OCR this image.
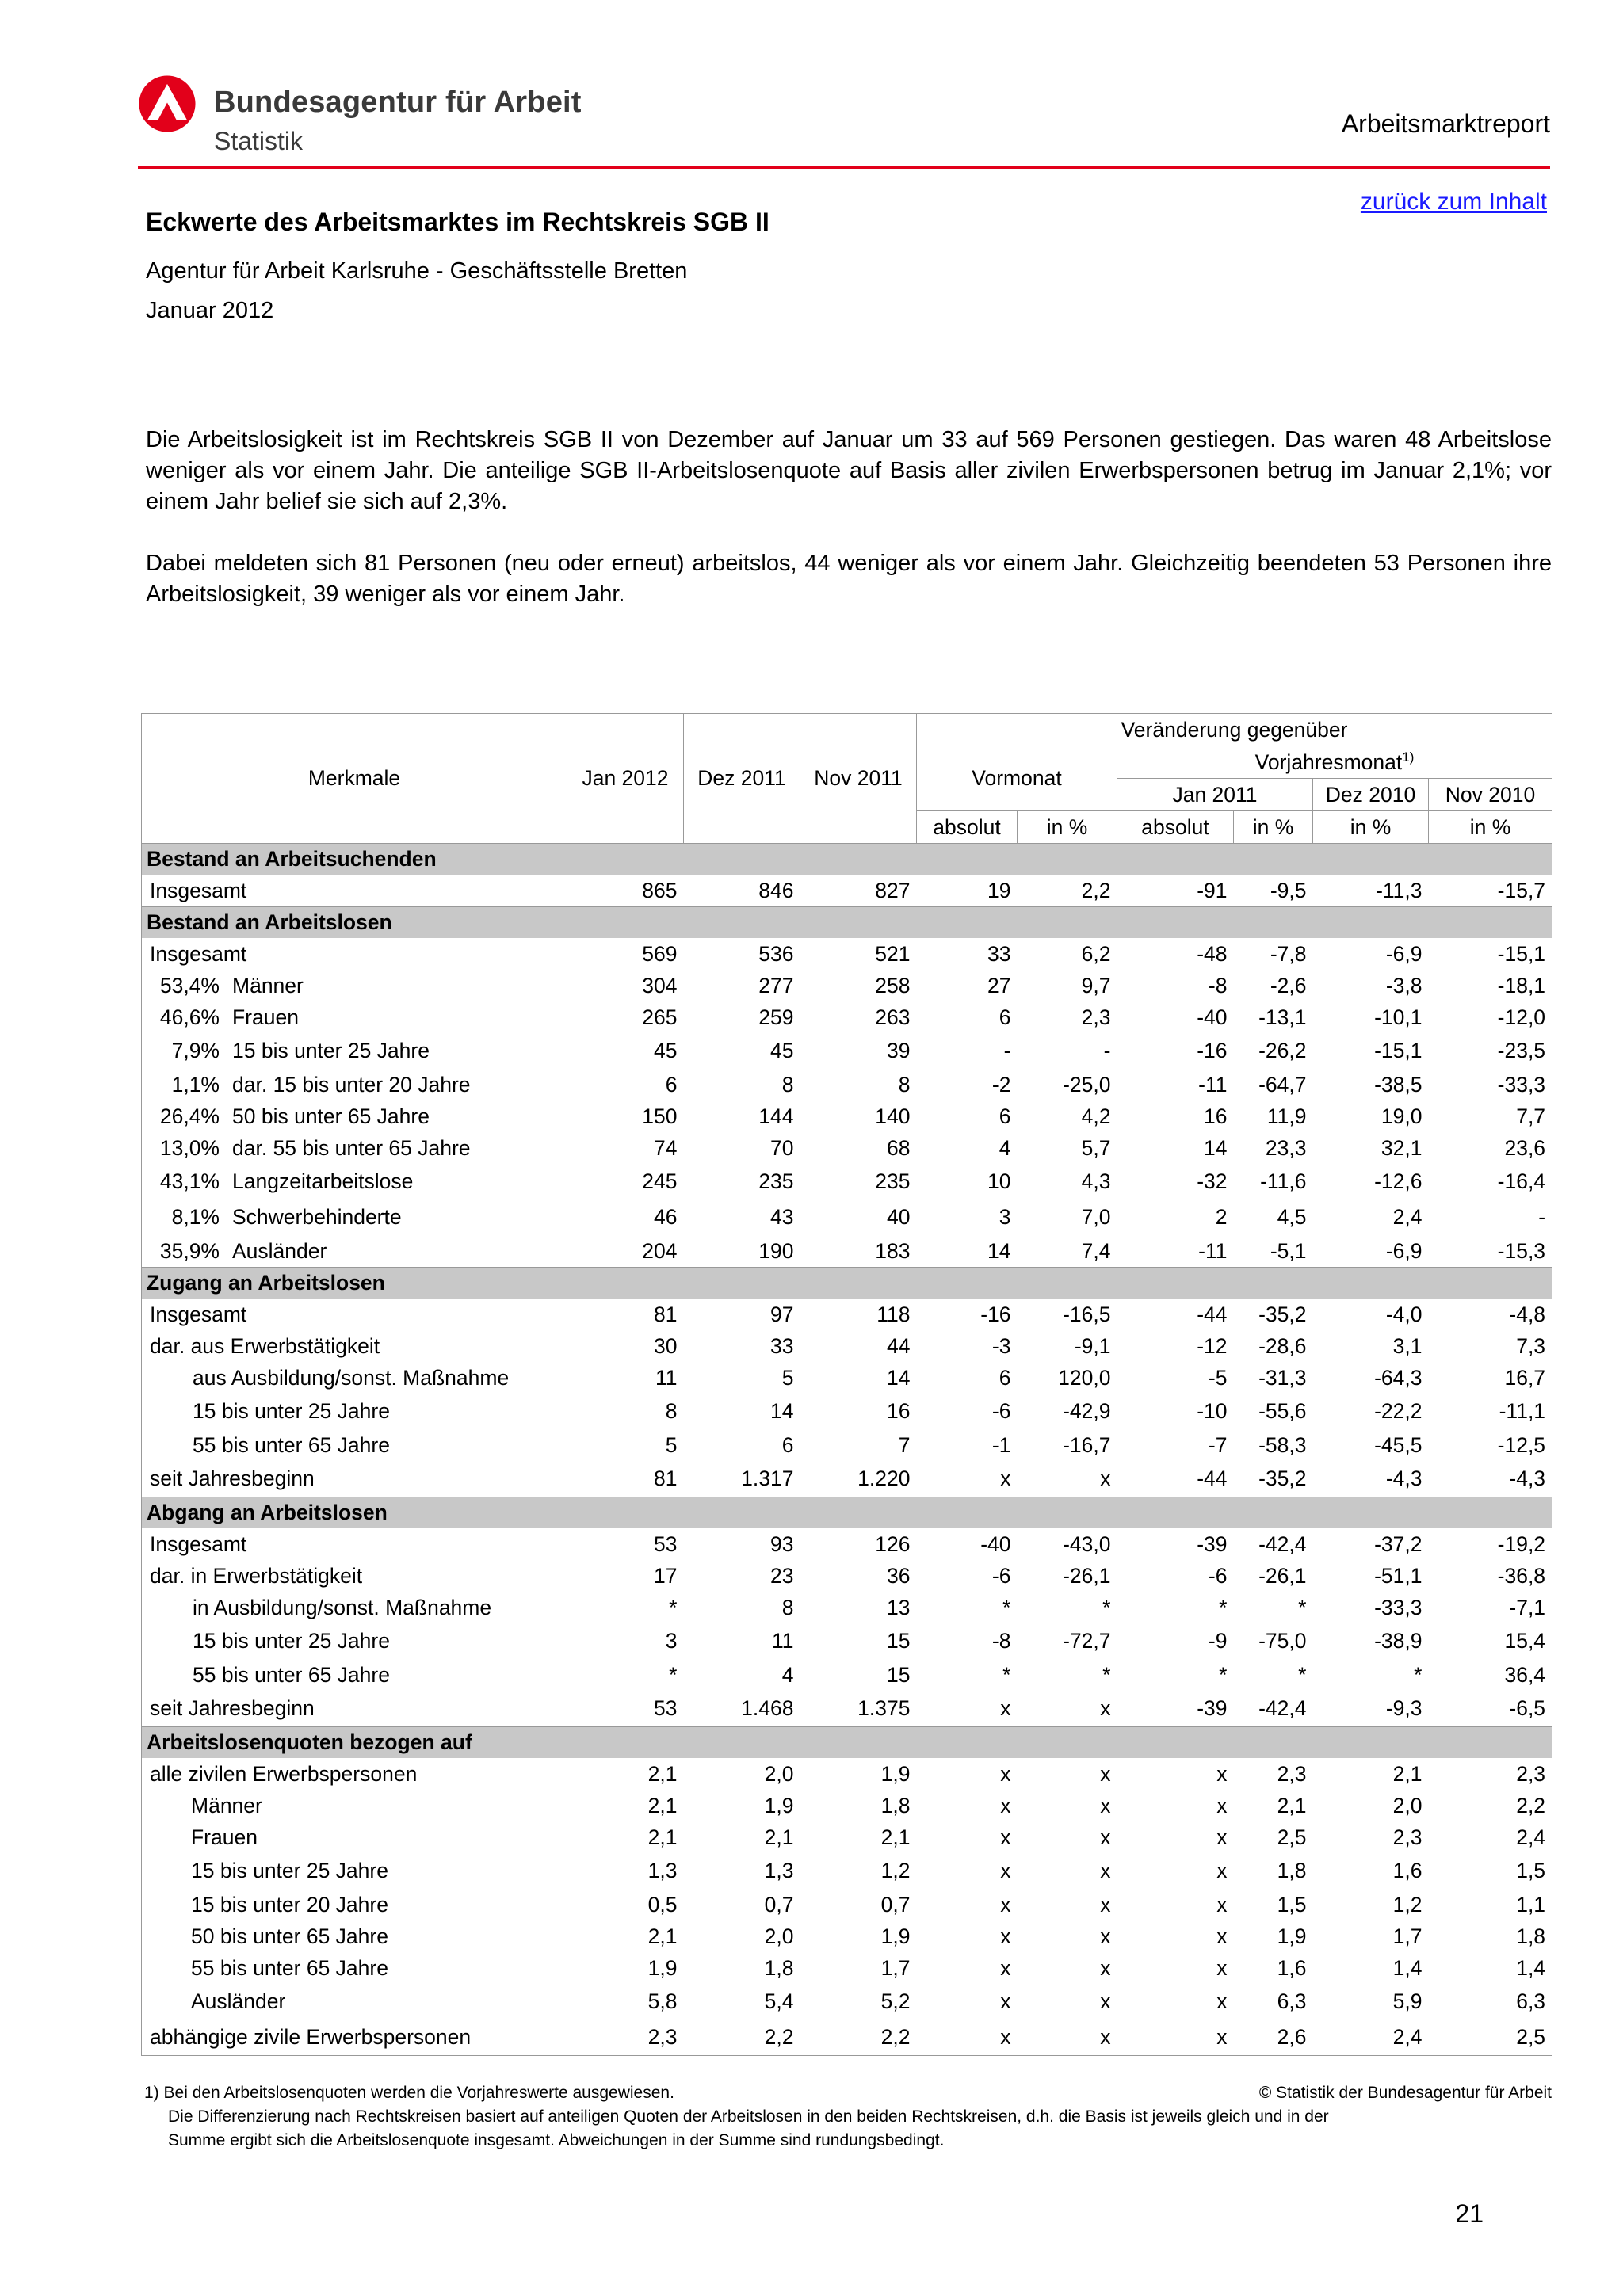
Bundesagentur für Arbeit
Statistik
Arbeitsmarktreport
zurück zum Inhalt
Eckwerte des Arbeitsmarktes im Rechtskreis SGB II
Agentur für Arbeit Karlsruhe - Geschäftsstelle Bretten
Januar 2012
Die Arbeitslosigkeit ist im Rechtskreis SGB II von Dezember auf Januar um 33 auf 569 Personen gestiegen. Das waren 48 Arbeitslose weniger als vor einem Jahr. Die anteilige SGB II-Arbeitslosenquote auf Basis aller zivilen Erwerbspersonen betrug im Januar 2,1%; vor einem Jahr belief sie sich auf 2,3%.
Dabei meldeten sich 81 Personen (neu oder erneut) arbeitslos, 44 weniger als vor einem Jahr. Gleichzeitig beendeten 53 Personen ihre Arbeitslosigkeit, 39 weniger als vor einem Jahr.
Merkmale	Jan 2012	Dez 2011	Nov 2011	Veränderung gegenüber					
				Vormonat		Vorjahresmonat$^{1)}$
						Jan 2011		Dez 2010	Nov 2010
				absolut	in %	absolut	in %	in %	in %
Bestand an Arbeitsuchenden									
Insgesamt	865	846	827	19	2,2	-91	-9,5	-11,3	-15,7
Bestand an Arbeitslosen									
Insgesamt	569	536	521	33	6,2	-48	-7,8	-6,9	-15,1
53,4% Männer	304	277	258	27	9,7	-8	-2,6	-3,8	-18,1
46,6% Frauen	265	259	263	6	2,3	-40	-13,1	-10,1	-12,0
7,9% 15 bis unter 25 Jahre	45	45	39	-	-	-16	-26,2	-15,1	-23,5
1,1% dar. 15 bis unter 20 Jahre	6	8	8	-2	-25,0	-11	-64,7	-38,5	-33,3
26,4% 50 bis unter 65 Jahre	150	144	140	6	4,2	16	11,9	19,0	7,7
13,0% dar. 55 bis unter 65 Jahre	74	70	68	4	5,7	14	23,3	32,1	23,6
43,1% Langzeitarbeitslose	245	235	235	10	4,3	-32	-11,6	-12,6	-16,4
8,1% Schwerbehinderte	46	43	40	3	7,0	2	4,5	2,4	-
35,9% Ausländer	204	190	183	14	7,4	-11	-5,1	-6,9	-15,3
Zugang an Arbeitslosen									
Insgesamt	81	97	118	-16	-16,5	-44	-35,2	-4,0	-4,8
dar. aus Erwerbstätigkeit	30	33	44	-3	-9,1	-12	-28,6	3,1	7,3
aus Ausbildung/sonst. Maßnahme	11	5	14	6	120,0	-5	-31,3	-64,3	16,7
15 bis unter 25 Jahre	8	14	16	-6	-42,9	-10	-55,6	-22,2	-11,1
55 bis unter 65 Jahre	5	6	7	-1	-16,7	-7	-58,3	-45,5	-12,5
seit Jahresbeginn	81	1.317	1.220	x	x	-44	-35,2	-4,3	-4,3
Abgang an Arbeitslosen									
Insgesamt	53	93	126	-40	-43,0	-39	-42,4	-37,2	-19,2
dar. in Erwerbstätigkeit	17	23	36	-6	-26,1	-6	-26,1	-51,1	-36,8
in Ausbildung/sonst. Maßnahme	*	8	13	*	*	*	*	-33,3	-7,1
15 bis unter 25 Jahre	3	11	15	-8	-72,7	-9	-75,0	-38,9	15,4
55 bis unter 65 Jahre	*	4	15	*	*	*	*	*	36,4
seit Jahresbeginn	53	1.468	1.375	x	x	-39	-42,4	-9,3	-6,5
Arbeitslosenquoten bezogen auf									
alle zivilen Erwerbspersonen	2,1	2,0	1,9	x	x	x	2,3	2,1	2,3
Männer	2,1	1,9	1,8	x	x	x	2,1	2,0	2,2
Frauen	2,1	2,1	2,1	x	x	x	2,5	2,3	2,4
15 bis unter 25 Jahre	1,3	1,3	1,2	x	x	x	1,8	1,6	1,5
15 bis unter 20 Jahre	0,5	0,7	0,7	x	x	x	1,5	1,2	1,1
50 bis unter 65 Jahre	2,1	2,0	1,9	x	x	x	1,9	1,7	1,8
55 bis unter 65 Jahre	1,9	1,8	1,7	x	x	x	1,6	1,4	1,4
Ausländer	5,8	5,4	5,2	x	x	x	6,3	5,9	6,3
abhängige zivile Erwerbspersonen	2,3	2,2	2,2	x	x	x	2,6	2,4	2,5
1) Bei den Arbeitslosenquoten werden die Vorjahreswerte ausgewiesen.	© Statistik der Bundesagentur für Arbeit
Die Differenzierung nach Rechtskreisen basiert auf anteiligen Quoten der Arbeitslosen in den beiden Rechtskreisen, d.h. die Basis ist jeweils gleich und in der
Summe ergibt sich die Arbeitslosenquote insgesamt. Abweichungen in der Summe sind rundungsbedingt.
21
